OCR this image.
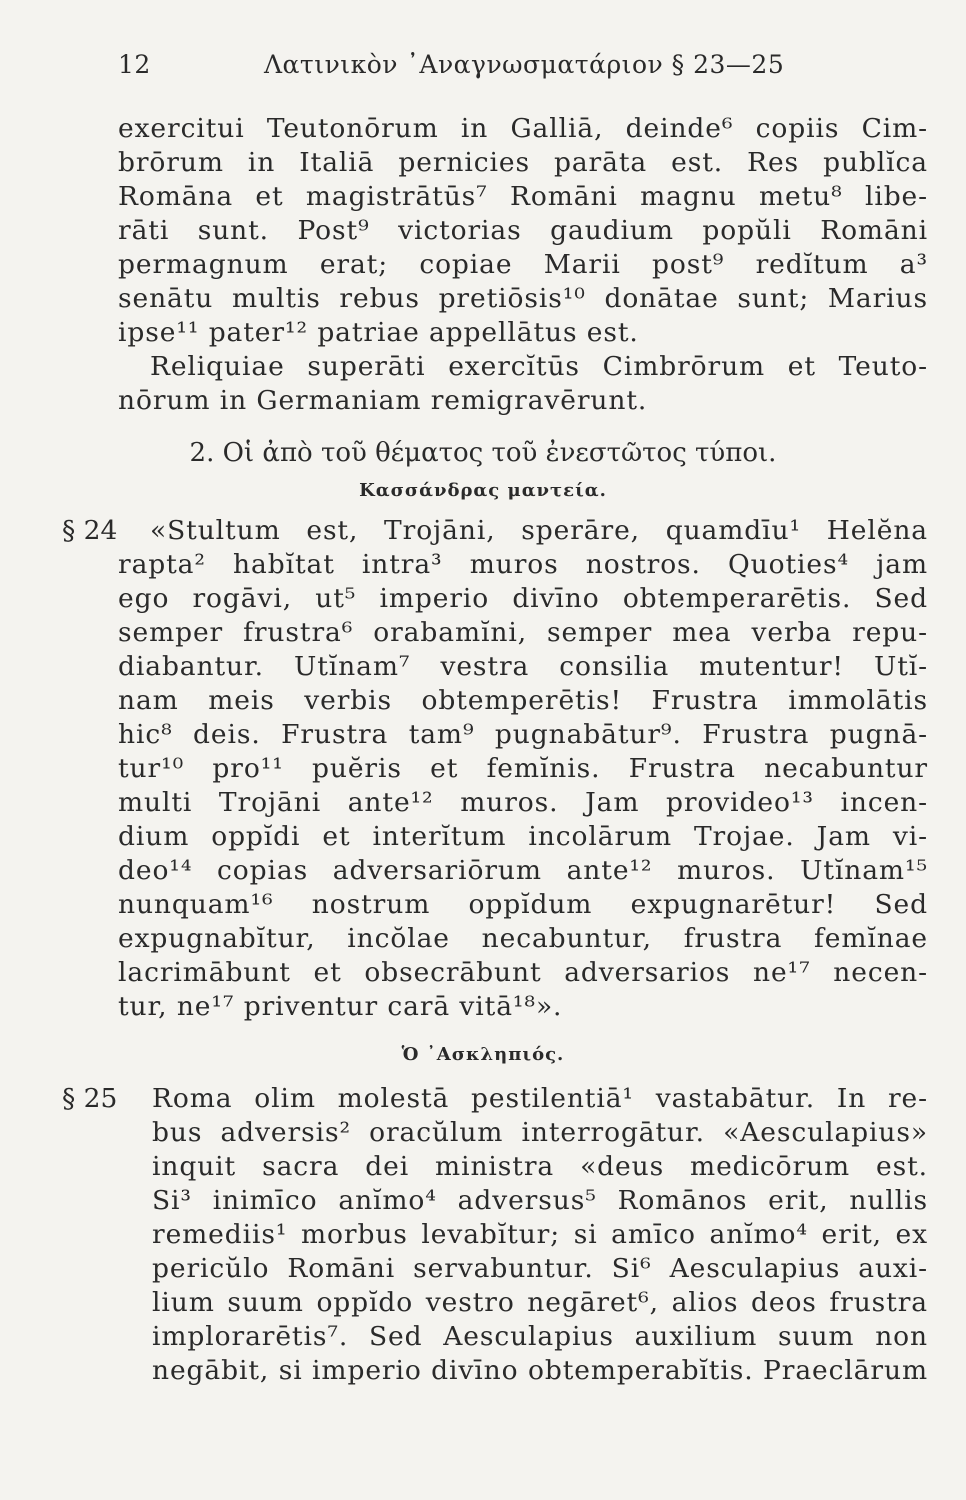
12	Λατινικὸν ᾽Αναγνωσματάριον § 23—25
exercitui Teutonōrum in Galliā, deinde⁶ copiis Cim-
brōrum in Italiā pernicies parāta est. Res publĭca
Romāna et magistrātūs⁷ Romāni magnu metu⁸ libe-
rāti sunt. Post⁹ victorias gaudium popŭli Romāni
permagnum erat; copiae Marii post⁹ redĭtum a³
senātu multis rebus pretiōsis¹⁰ donātae sunt; Marius
ipse¹¹ pater¹² patriae appellātus est.
Reliquiae superāti exercĭtūs Cimbrōrum et Teuto-
nōrum in Germaniam remigravērunt.
2. Οἱ ἀπὸ τοῦ θέματος τοῦ ἐνεστῶτος τύποι.
Κασσάνδρας μαντεία.
§ 24 «Stultum est, Trojāni, sperāre, quamdīu¹ Helĕna
rapta² habĭtat intra³ muros nostros. Quoties⁴ jam
ego rogāvi, ut⁵ imperio divīno obtemperarētis. Sed
semper frustra⁶ orabamĭni, semper mea verba repu-
diabantur. Utĭnam⁷ vestra consilia mutentur! Utĭ-
nam meis verbis obtemperētis! Frustra immolātis
hic⁸ deis. Frustra tam⁹ pugnabātur⁹. Frustra pugnā-
tur¹⁰ pro¹¹ puĕris et femĭnis. Frustra necabuntur
multi Trojāni ante¹² muros. Jam provideo¹³ incen-
dium oppĭdi et interĭtum incolārum Trojae. Jam vi-
deo¹⁴ copias adversariōrum ante¹² muros. Utĭnam¹⁵
nunquam¹⁶ nostrum oppĭdum expugnarētur! Sed
expugnabĭtur, incŏlae necabuntur, frustra femĭnae
lacrimābunt et obsecrābunt adversarios ne¹⁷ necen-
tur, ne¹⁷ priventur carā vitā¹⁸».
Ὁ ᾽Ασκληπιός.
§ 25 Roma olim molestā pestilentiā¹ vastabātur. In re-
bus adversis² oracŭlum interrogātur. «Aesculapius»
inquit sacra dei ministra «deus medicōrum est.
Si³ inimīco anĭmo⁴ adversus⁵ Romānos erit, nullis
remediis¹ morbus levabĭtur; si amīco anĭmo⁴ erit, ex
pericŭlo Romāni servabuntur. Si⁶ Aesculapius auxi-
lium suum oppĭdo vestro negāret⁶, alios deos frustra
implorarētis⁷. Sed Aesculapius auxilium suum non
negābit, si imperio divīno obtemperabĭtis. Praeclārum
